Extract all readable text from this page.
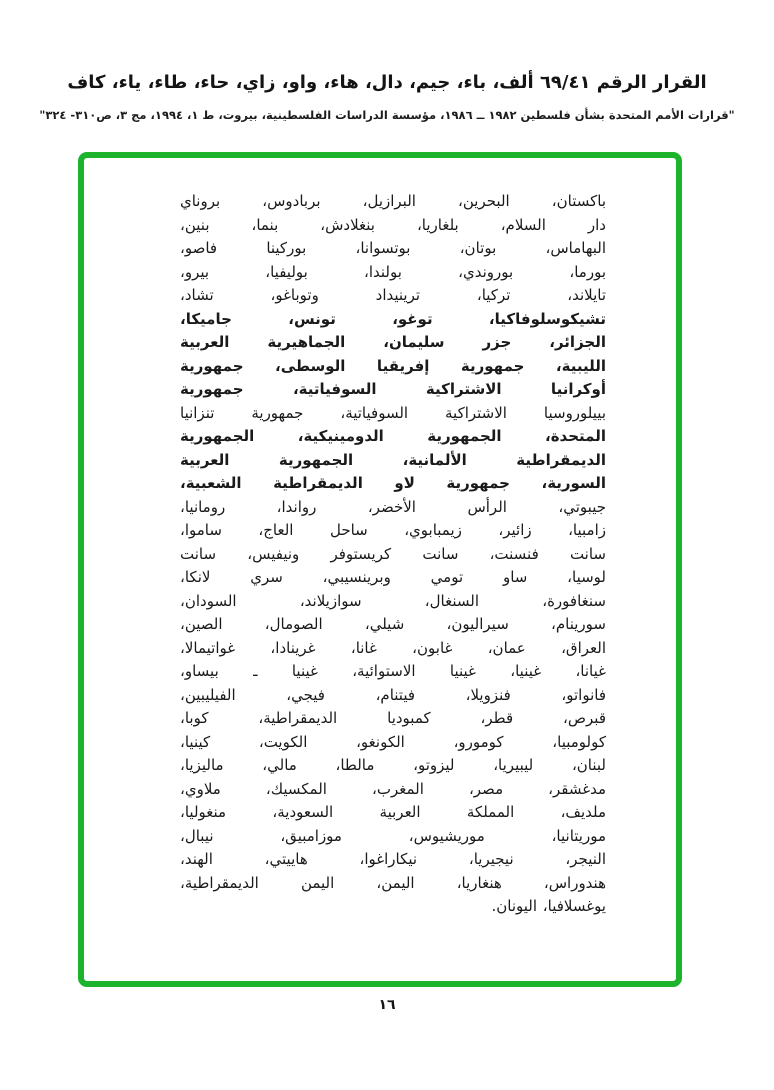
القرار الرقم ٦٩/٤١ ألف، باء، جيم، دال، هاء، واو، زاي، حاء، طاء، ياء، كاف
"قرارات الأمم المتحدة بشأن فلسطين ١٩٨٢ ــ ١٩٨٦، مؤسسة الدراسات الفلسطينية، بيروت، ط ١، ١٩٩٤، مج ٣، ص٣١٠- ٣٢٤"
باكستان، البحرين، البرازيل، بربادوس، بروناي
دار السلام، بلغاريا، بنغلادش، بنما، بنين،
البهاماس، بوتان، بوتسوانا، بوركينا فاصو،
بورما، بوروندي، بولندا، بوليفيا، بيرو،
تايلاند، تركيا، ترينيداد وتوباغو، تشاد،
تشيكوسلوفاكيا، توغو، تونس، جاميكا،
الجزائر، جزر سليمان، الجماهيرية العربية
الليبية، جمهورية إفريقيا الوسطى، جمهورية
أوكرانيا الاشتراكية السوفياتية، جمهورية
بييلوروسيا الاشتراكية السوفياتية، جمهورية تنزانيا
المتحدة، الجمهورية الدومينيكية، الجمهورية
الديمقراطية الألمانية، الجمهورية العربية
السورية، جمهورية لاو الديمقراطية الشعبية،
جيبوتي، الرأس الأخضر، رواندا، رومانيا،
زامبيا، زائير، زيمبابوي، ساحل العاج، ساموا،
سانت فنسنت، سانت كريستوفر ونيفيس، سانت
لوسيا، ساو تومي وبرينسيبي، سري لانكا،
سنغافورة، السنغال، سوازيلاند، السودان،
سورينام، سيراليون، شيلي، الصومال، الصين،
العراق، عمان، غابون، غانا، غرينادا، غواتيمالا،
غيانا، غينيا، غينيا الاستوائية، غينيا ـ بيساو،
فانواتو، فنزويلا، فيتنام، فيجي، الفيليبين،
قبرص، قطر، كمبوديا الديمقراطية، كوبا،
كولومبيا، كومورو، الكونغو، الكويت، كينيا،
لبنان، ليبيريا، ليزوتو، مالطا، مالي، ماليزيا،
مدغشقر، مصر، المغرب، المكسيك، ملاوي،
ملديف، المملكة العربية السعودية، منغوليا،
موريتانيا، موريشيوس، موزامبيق، نيبال،
النيجر، نيجيريا، نيكاراغوا، هاييتي، الهند،
هندوراس، هنغاريا، اليمن، اليمن الديمقراطية،
يوغسلافيا، اليونان.
١٦
